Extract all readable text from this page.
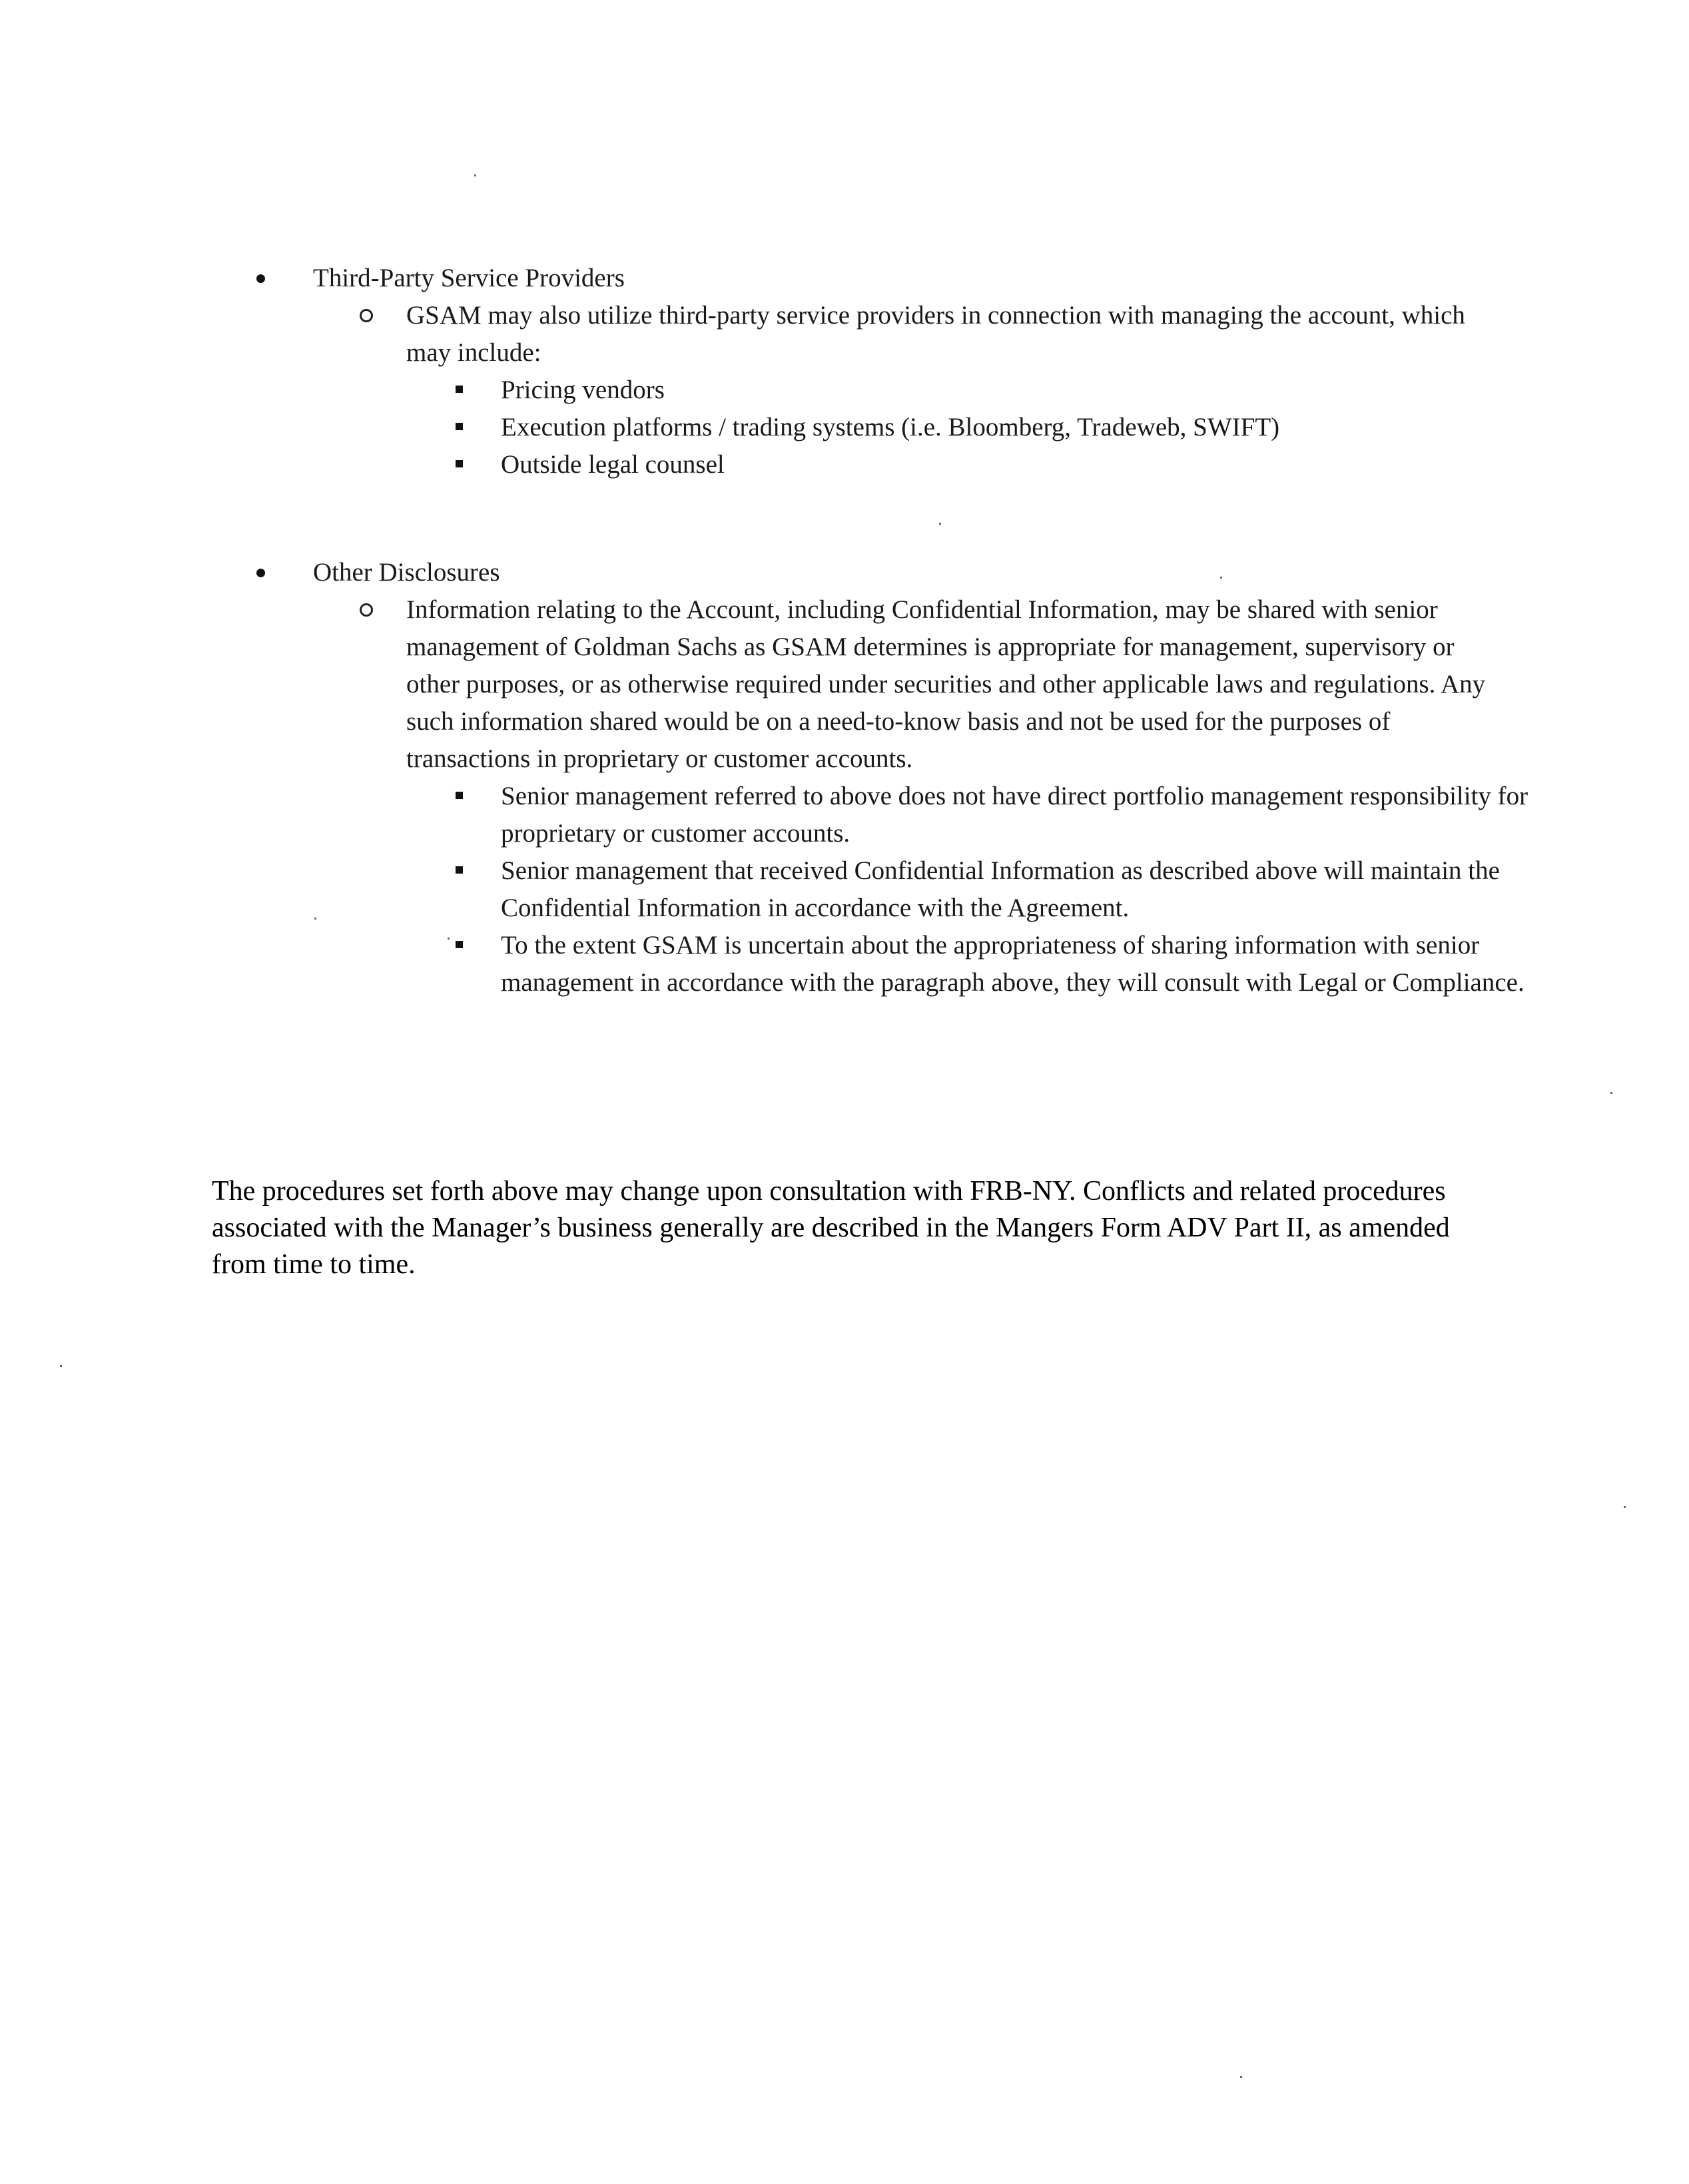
Third-Party Service Providers
GSAM may also utilize third-party service providers in connection with managing the account, which may include:
Pricing vendors
Execution platforms / trading systems (i.e. Bloomberg, Tradeweb, SWIFT)
Outside legal counsel
Other Disclosures
Information relating to the Account, including Confidential Information, may be shared with senior management of Goldman Sachs as GSAM determines is appropriate for management, supervisory or other purposes, or as otherwise required under securities and other applicable laws and regulations. Any such information shared would be on a need-to-know basis and not be used for the purposes of transactions in proprietary or customer accounts.
Senior management referred to above does not have direct portfolio management responsibility for proprietary or customer accounts.
Senior management that received Confidential Information as described above will maintain the Confidential Information in accordance with the Agreement.
To the extent GSAM is uncertain about the appropriateness of sharing information with senior management in accordance with the paragraph above, they will consult with Legal or Compliance.

The procedures set forth above may change upon consultation with FRB-NY. Conflicts and related procedures associated with the Manager’s business generally are described in the Mangers Form ADV Part II, as amended from time to time.
